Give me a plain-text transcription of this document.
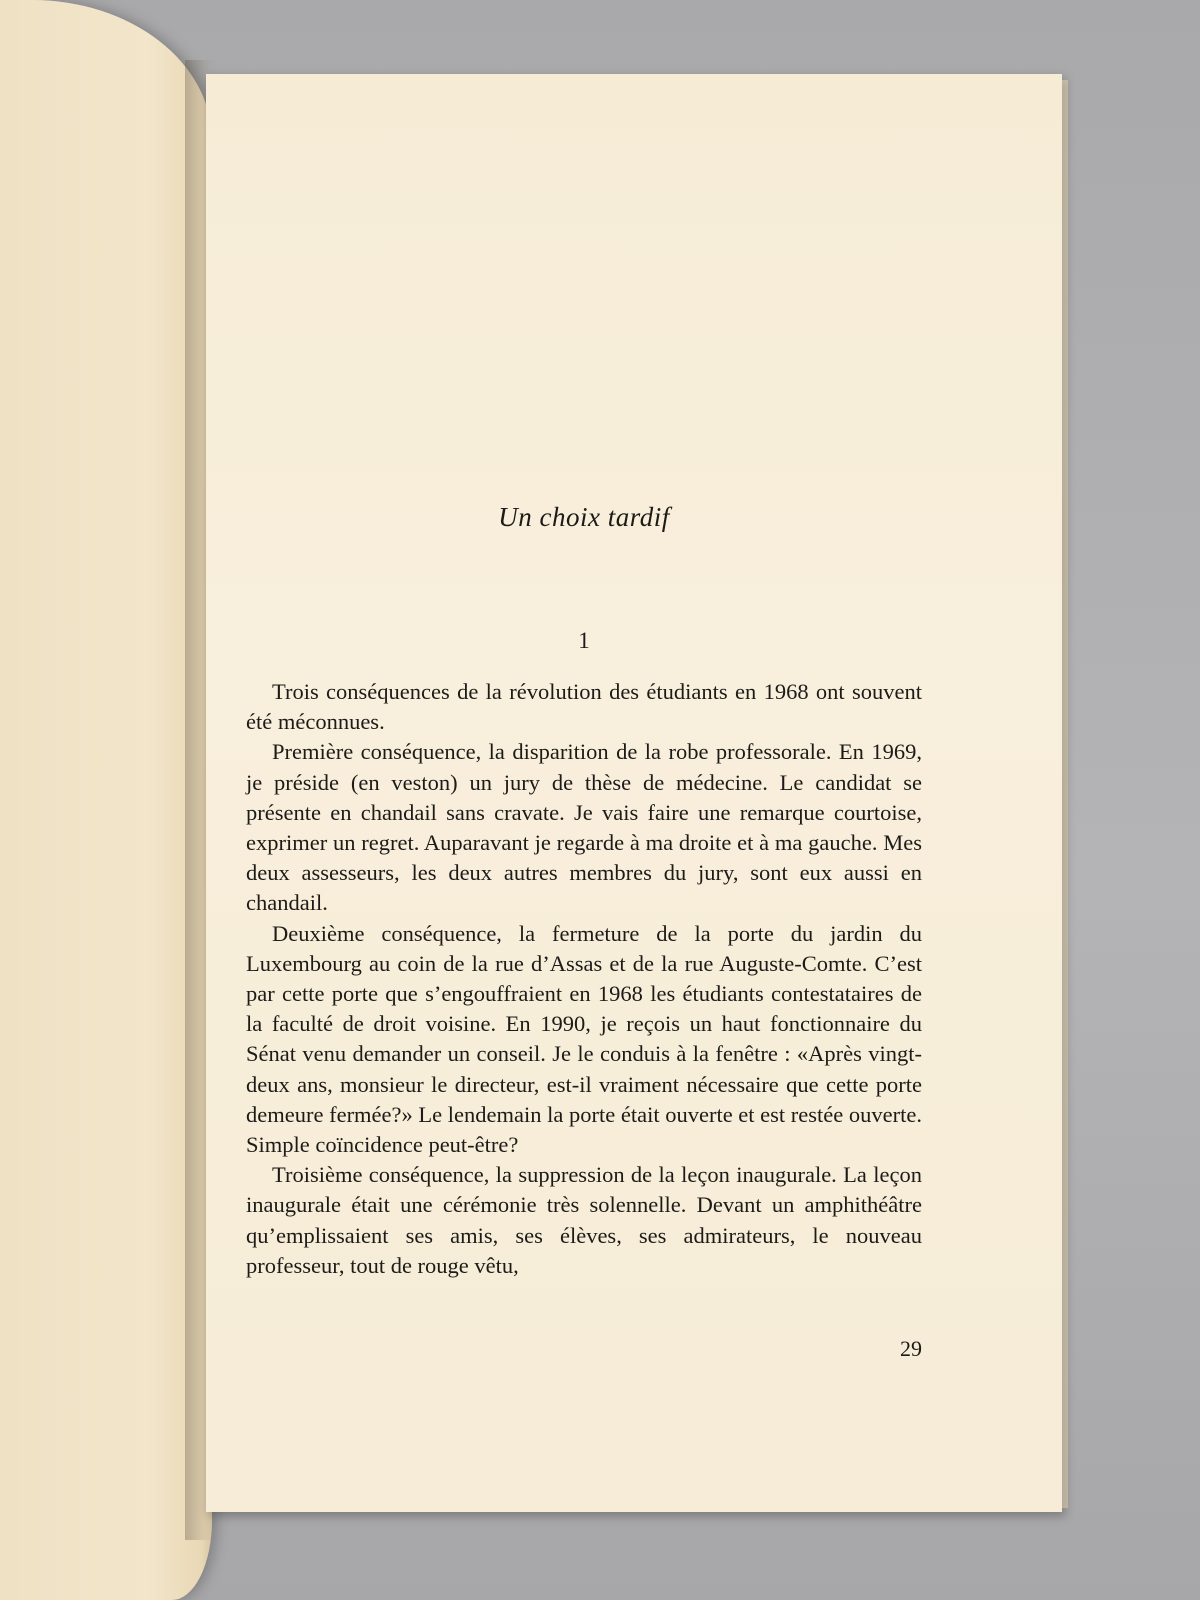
Un choix tardif
1

Trois conséquences de la révolution des étudiants en 1968 ont souvent été méconnues.

Première conséquence, la disparition de la robe professorale. En 1969, je préside (en veston) un jury de thèse de médecine. Le candidat se présente en chandail sans cravate. Je vais faire une remarque courtoise, exprimer un regret. Auparavant je regarde à ma droite et à ma gauche. Mes deux assesseurs, les deux autres membres du jury, sont eux aussi en chandail.

Deuxième conséquence, la fermeture de la porte du jardin du Luxembourg au coin de la rue d’Assas et de la rue Auguste-Comte. C’est par cette porte que s’engouffraient en 1968 les étudiants contestataires de la faculté de droit voisine. En 1990, je reçois un haut fonctionnaire du Sénat venu demander un conseil. Je le conduis à la fenêtre : «Après vingt-deux ans, monsieur le directeur, est-il vraiment nécessaire que cette porte demeure fermée?» Le lendemain la porte était ouverte et est restée ouverte. Simple coïncidence peut-être?

Troisième conséquence, la suppression de la leçon inaugurale. La leçon inaugurale était une cérémonie très solennelle. Devant un amphithéâtre qu’emplissaient ses amis, ses élèves, ses admirateurs, le nouveau professeur, tout de rouge vêtu,

29
